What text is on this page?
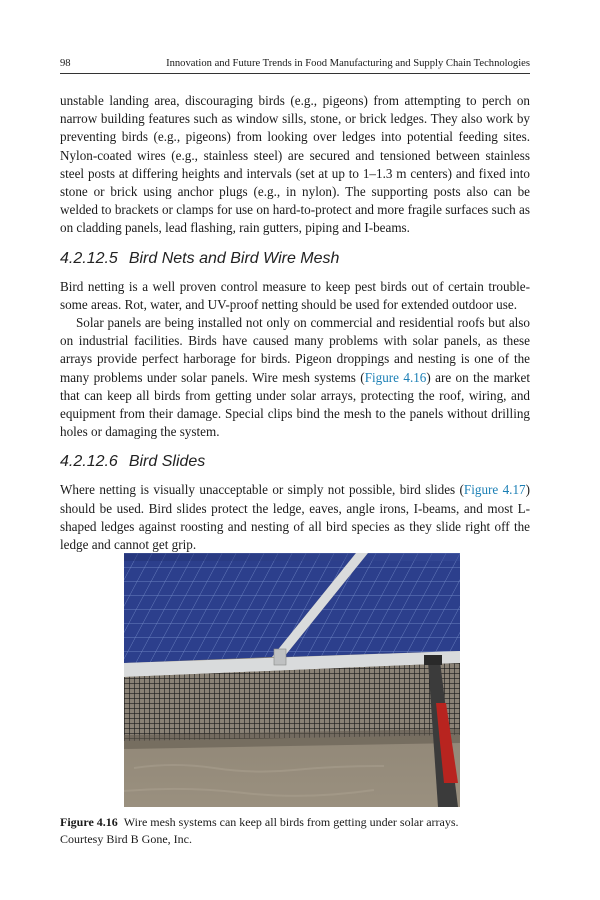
98	Innovation and Future Trends in Food Manufacturing and Supply Chain Technologies

unstable landing area, discouraging birds (e.g., pigeons) from attempting to perch on narrow building features such as window sills, stone, or brick ledges. They also work by preventing birds (e.g., pigeons) from looking over ledges into potential feeding sites. Nylon-coated wires (e.g., stainless steel) are secured and tensioned between stainless steel posts at differing heights and intervals (set at up to 1–1.3 m centers) and fixed into stone or brick using anchor plugs (e.g., in nylon). The supporting posts also can be welded to brackets or clamps for use on hard-to-protect and more fragile surfaces such as on cladding panels, lead flashing, rain gutters, piping and I-beams.

4.2.12.5 Bird Nets and Bird Wire Mesh

Bird netting is a well proven control measure to keep pest birds out of certain trouble-some areas. Rot, water, and UV-proof netting should be used for extended outdoor use.

Solar panels are being installed not only on commercial and residential roofs but also on industrial facilities. Birds have caused many problems with solar panels, as these arrays provide perfect harborage for birds. Pigeon droppings and nesting is one of the many problems under solar panels. Wire mesh systems (Figure 4.16) are on the market that can keep all birds from getting under solar arrays, protecting the roof, wiring, and equipment from their damage. Special clips bind the mesh to the panels without drilling holes or damaging the system.

4.2.12.6 Bird Slides

Where netting is visually unacceptable or simply not possible, bird slides (Figure 4.17) should be used. Bird slides protect the ledge, eaves, angle irons, I-beams, and most L-shaped ledges against roosting and nesting of all bird species as they slide right off the ledge and cannot get grip.

Figure 4.16 Wire mesh systems can keep all birds from getting under solar arrays.
Courtesy Bird B Gone, Inc.
